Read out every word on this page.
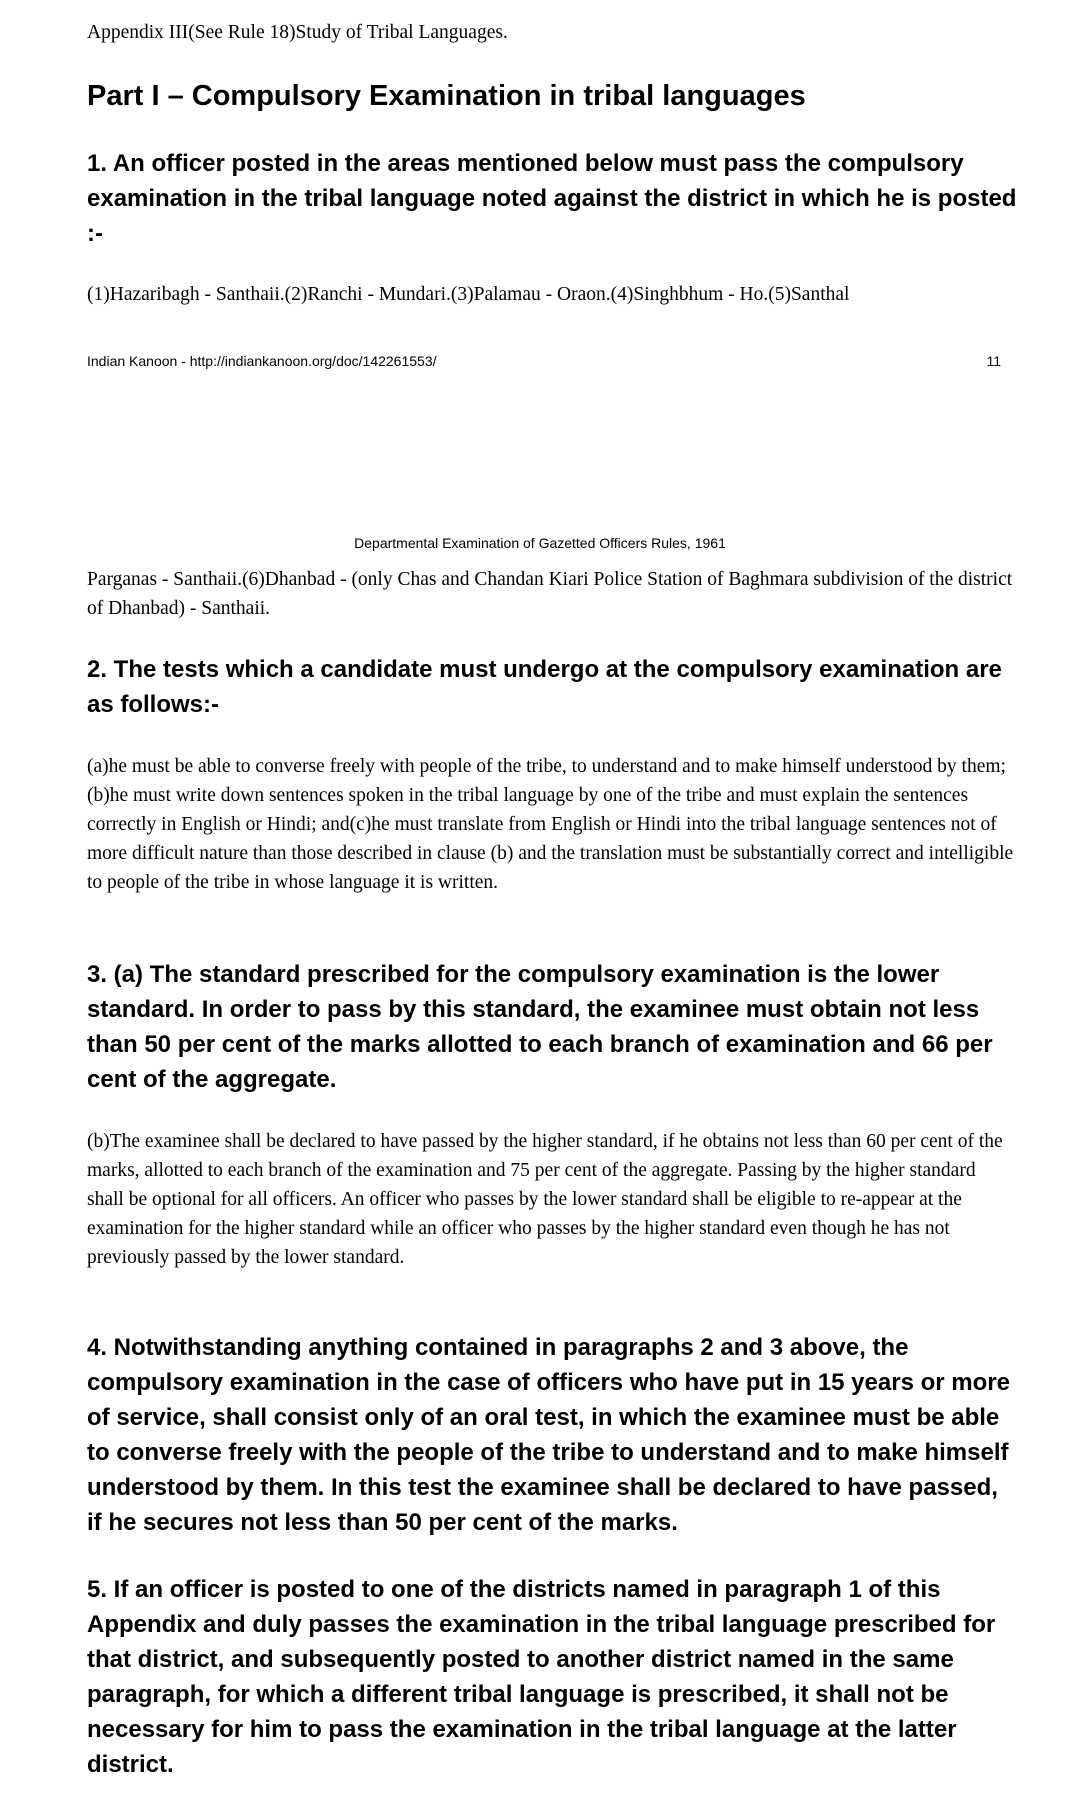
Appendix III(See Rule 18)Study of Tribal Languages.
Part I – Compulsory Examination in tribal languages
1. An officer posted in the areas mentioned below must pass the compulsory examination in the tribal language noted against the district in which he is posted :-
(1)Hazaribagh - Santhaii.(2)Ranchi - Mundari.(3)Palamau - Oraon.(4)Singhbhum - Ho.(5)Santhal
Indian Kanoon - http://indiankanoon.org/doc/142261553/	11
Departmental Examination of Gazetted Officers Rules, 1961
Parganas - Santhaii.(6)Dhanbad - (only Chas and Chandan Kiari Police Station of Baghmara subdivision of the district of Dhanbad) - Santhaii.
2. The tests which a candidate must undergo at the compulsory examination are as follows:-
(a)he must be able to converse freely with people of the tribe, to understand and to make himself understood by them;(b)he must write down sentences spoken in the tribal language by one of the tribe and must explain the sentences correctly in English or Hindi; and(c)he must translate from English or Hindi into the tribal language sentences not of more difficult nature than those described in clause (b) and the translation must be substantially correct and intelligible to people of the tribe in whose language it is written.
3. (a) The standard prescribed for the compulsory examination is the lower standard. In order to pass by this standard, the examinee must obtain not less than 50 per cent of the marks allotted to each branch of examination and 66 per cent of the aggregate.
(b)The examinee shall be declared to have passed by the higher standard, if he obtains not less than 60 per cent of the marks, allotted to each branch of the examination and 75 per cent of the aggregate. Passing by the higher standard shall be optional for all officers. An officer who passes by the lower standard shall be eligible to re-appear at the examination for the higher standard while an officer who passes by the higher standard even though he has not previously passed by the lower standard.
4. Notwithstanding anything contained in paragraphs 2 and 3 above, the compulsory examination in the case of officers who have put in 15 years or more of service, shall consist only of an oral test, in which the examinee must be able to converse freely with the people of the tribe to understand and to make himself understood by them. In this test the examinee shall be declared to have passed, if he secures not less than 50 per cent of the marks.
5. If an officer is posted to one of the districts named in paragraph 1 of this Appendix and duly passes the examination in the tribal language prescribed for that district, and subsequently posted to another district named in the same paragraph, for which a different tribal language is prescribed, it shall not be necessary for him to pass the examination in the tribal language at the latter district.
